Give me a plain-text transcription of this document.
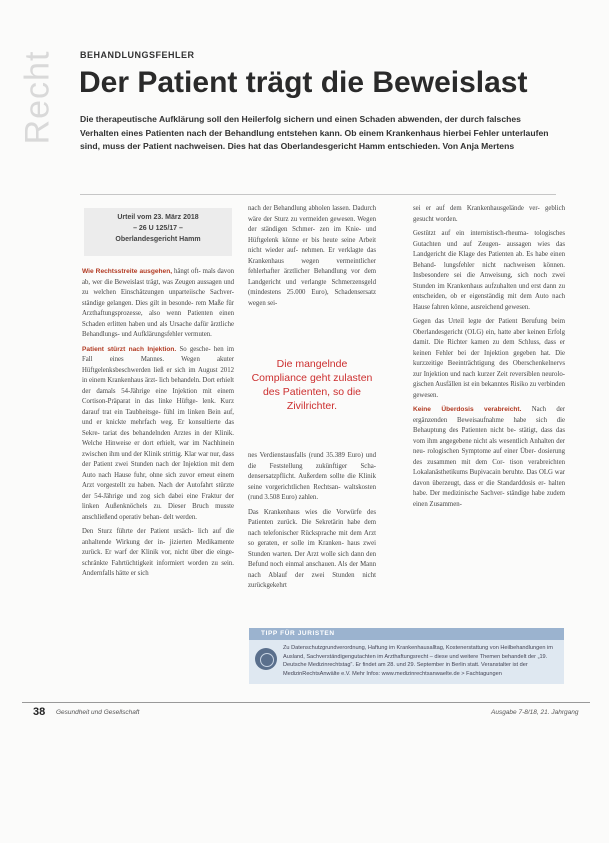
Recht	BEHANDLUNGSFEHLER
Der Patient trägt die Beweislast
Die therapeutische Aufklärung soll den Heilerfolg sichern und einen Schaden abwenden, der durch falsches Verhalten eines Patienten nach der Behandlung entstehen kann. Ob einem Krankenhaus hierbei Fehler unterlaufen sind, muss der Patient nachweisen. Dies hat das Oberlandesgericht Hamm entschieden. Von Anja Mertens
Urteil vom 23. März 2018
– 26 U 125/17 –
Oberlandesgericht Hamm

Wie Rechtsstreite ausgehen, hängt oft- mals davon ab, wer die Beweislast trägt, was Zeugen aussagen und zu welchen Einschätzungen unparteiische Sachver- ständige gelangen. Dies gilt in besonde- rem Maße für Arzthaftungsprozesse, also wenn Patienten einen Schaden erlitten haben und als Ursache dafür ärztliche Behandlungs- und Aufklärungsfehler vermuten.

Patient stürzt nach Injektion. So gesche- hen im Fall eines Mannes. Wegen akuter Hüftgelenksbeschwerden ließ er sich im August 2012 in einem Krankenhaus ärzt- lich behandeln. Dort erhielt der damals 54-Jährige eine Injektion mit einem Cortison-Präparat in das linke Hüftge- lenk. Kurz darauf trat ein Taubheitsge- fühl im linken Bein auf, und er knickte mehrfach weg. Er konsultierte das Sekre- tariat des behandelnden Arztes in der Klinik. Welche Hinweise er dort erhielt, war im Nachhinein zwischen ihm und der Klinik strittig. Klar war nur, dass der Patient zwei Stunden nach der Injektion mit dem Auto nach Hause fuhr, ohne sich zuvor erneut einem Arzt vorgestellt zu haben. Nach der Autofahrt stürzte der 54-Jährige und zog sich dabei eine Fraktur der linken Außenknöchels zu. Dieser Bruch musste anschließend operativ behan- delt werden.

Den Sturz führte der Patient ursäch- lich auf die anhaltende Wirkung der in- jizierten Medikamente zurück. Er warf der Klinik vor, nicht über die einge- schränkte Fahrtüchtigkeit informiert worden zu sein. Andernfalls hätte er sich

nach der Behandlung abholen lassen. Dadurch wäre der Sturz zu vermeiden gewesen. Wegen der ständigen Schmer- zen im Knie- und Hüftgelenk könne er bis heute seine Arbeit nicht wieder auf- nehmen. Er verklagte das Krankenhaus wegen vermeintlicher fehlerhafter ärztlicher Behandlung vor dem Landgericht und verlangte Schmerzensgeld (mindestens 25.000 Euro), Schadensersatz wegen sei-

Die mangelnde Compliance geht zulasten des Patienten, so die Zivilrichter.

nes Verdienstausfalls (rund 35.389 Euro) und die Feststellung zukünftiger Scha- densersatzpflicht. Außerdem sollte die Klinik seine vorgerichtlichen Rechtsan- waltskosten (rund 3.508 Euro) zahlen.

Das Krankenhaus wies die Vorwürfe des Patienten zurück. Die Sekretärin habe dem nach telefonischer Rücksprache mit dem Arzt so geraten, er solle im Kranken- haus zwei Stunden warten. Der Arzt wolle sich dann den Befund noch einmal anschauen. Als der Mann nach Ablauf der zwei Stunden nicht zurückgekehrt

sei er auf dem Krankenhausgelände ver- geblich gesucht worden.

Gestützt auf ein internistisch-rheuma- tologisches Gutachten und auf Zeugen- aussagen wies das Landgericht die Klage des Patienten ab. Es habe einen Behand- lungsfehler nicht nachweisen können. Insbesondere sei die Anweisung, sich noch zwei Stunden im Krankenhaus aufzuhalten und erst dann zu entscheiden, ob er eigenständig mit dem Auto nach Hause fahren könne, ausreichend gewesen.

Gegen das Urteil legte der Patient Berufung beim Oberlandesgericht (OLG) ein, hatte aber keinen Erfolg damit. Die Richter kamen zu dem Schluss, dass er keinen Fehler bei der Injektion gegeben hat. Die kurzzeitige Beeinträchtigung des Oberschenkelnervs zur Injektion und nach kurzer Zeit reversiblen neurolo- gischen Ausfällen ist ein bekanntes Risiko zu verbinden gewesen.

Keine Überdosis verabreicht. Nach der ergänzenden Beweisaufnahme habe sich die Behauptung des Patienten nicht be- stätigt, dass das vom ihm angegebene nicht als wesentlich Anhalten der neu- rologischen Symptome auf einer Über- dosierung des zusammen mit dem Cor- tison verabreichten Lokalanästhetikums Bupivacain beruhte. Das OLG war davon überzeugt, dass er die Standarddosis er- halten habe. Der medizinische Sachver- ständige habe zudem einen Zusammen-

TIPP FÜR JURISTEN
Zu Datenschutzgrundverordnung, Haftung im Krankenhausalltag, Kostenerstattung von Heilbehandlungen im Ausland, Sachverständigengutachten im Arzthaftungsrecht – diese und weitere Themen behandelt der „19. Deutsche Medizinrechtstag“. Er findet am 28. und 29. September in Berlin statt. Veranstalter ist der MedizinRechtsAnwälte e.V. Mehr Infos: www.medizinrechtsanwaelte.de > Fachtagungen
38 Gesundheit und Gesellschaft	Ausgabe 7-8/18, 21. Jahrgang
